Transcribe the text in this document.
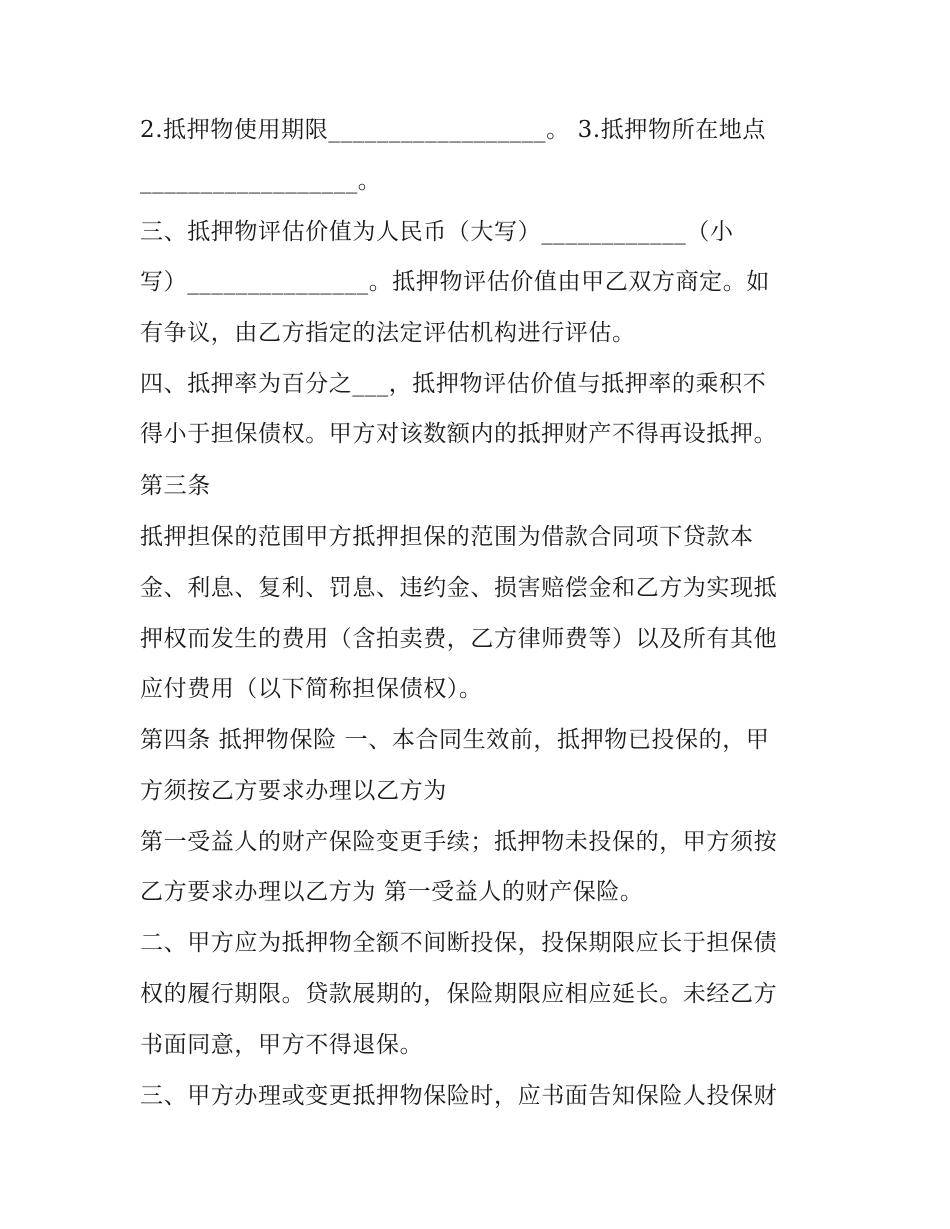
2.抵押物使用期限__________________。 3.抵押物所在地点
__________________。
三、抵押物评估价值为人民币（大写）____________（小
写）_______________。抵押物评估价值由甲乙双方商定。如
有争议，由乙方指定的法定评估机构进行评估。
四、抵押率为百分之___，抵押物评估价值与抵押率的乘积不
得小于担保债权。甲方对该数额内的抵押财产不得再设抵押。
第三条
抵押担保的范围甲方抵押担保的范围为借款合同项下贷款本
金、利息、复利、罚息、违约金、损害赔偿金和乙方为实现抵
押权而发生的费用（含拍卖费，乙方律师费等）以及所有其他
应付费用（以下简称担保债权）。
第四条 抵押物保险 一、本合同生效前，抵押物已投保的，甲
方须按乙方要求办理以乙方为
第一受益人的财产保险变更手续；抵押物未投保的，甲方须按
乙方要求办理以乙方为 第一受益人的财产保险。
二、甲方应为抵押物全额不间断投保，投保期限应长于担保债
权的履行期限。贷款展期的，保险期限应相应延长。未经乙方
书面同意，甲方不得退保。
三、甲方办理或变更抵押物保险时，应书面告知保险人投保财
